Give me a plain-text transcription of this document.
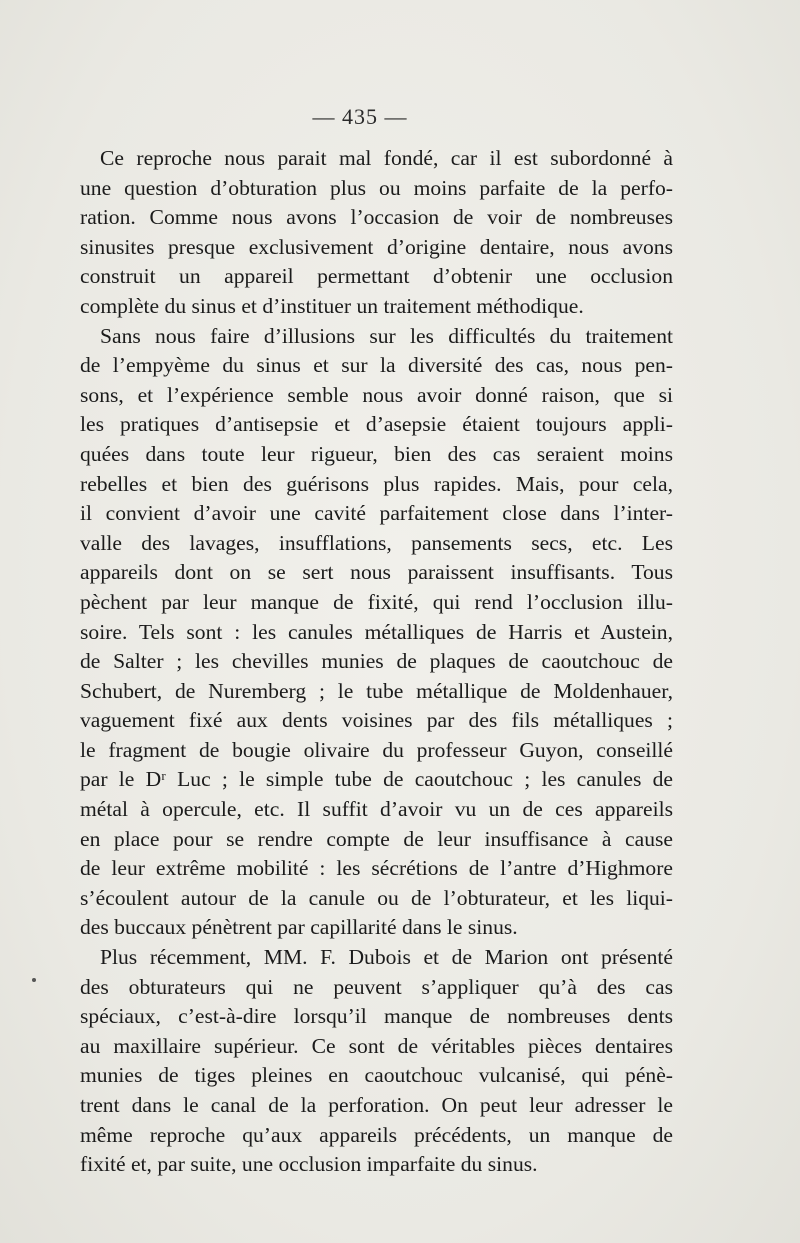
— 435 —

Ce reproche nous parait mal fondé, car il est subordonné à
une question d’obturation plus ou moins parfaite de la perfo-
ration. Comme nous avons l’occasion de voir de nombreuses
sinusites presque exclusivement d’origine dentaire, nous avons
construit un appareil permettant d’obtenir une occlusion
complète du sinus et d’instituer un traitement méthodique.

Sans nous faire d’illusions sur les difficultés du traitement
de l’empyème du sinus et sur la diversité des cas, nous pen-
sons, et l’expérience semble nous avoir donné raison, que si
les pratiques d’antisepsie et d’asepsie étaient toujours appli-
quées dans toute leur rigueur, bien des cas seraient moins
rebelles et bien des guérisons plus rapides. Mais, pour cela,
il convient d’avoir une cavité parfaitement close dans l’inter-
valle des lavages, insufflations, pansements secs, etc. Les
appareils dont on se sert nous paraissent insuffisants. Tous
pèchent par leur manque de fixité, qui rend l’occlusion illu-
soire. Tels sont : les canules métalliques de Harris et Austein,
de Salter ; les chevilles munies de plaques de caoutchouc de
Schubert, de Nuremberg ; le tube métallique de Moldenhauer,
vaguement fixé aux dents voisines par des fils métalliques ;
le fragment de bougie olivaire du professeur Guyon, conseillé
par le Dʳ Luc ; le simple tube de caoutchouc ; les canules de
métal à opercule, etc. Il suffit d’avoir vu un de ces appareils
en place pour se rendre compte de leur insuffisance à cause
de leur extrême mobilité : les sécrétions de l’antre d’Highmore
s’écoulent autour de la canule ou de l’obturateur, et les liqui-
des buccaux pénètrent par capillarité dans le sinus.

Plus récemment, MM. F. Dubois et de Marion ont présenté
des obturateurs qui ne peuvent s’appliquer qu’à des cas
spéciaux, c’est-à-dire lorsqu’il manque de nombreuses dents
au maxillaire supérieur. Ce sont de véritables pièces dentaires
munies de tiges pleines en caoutchouc vulcanisé, qui pénè-
trent dans le canal de la perforation. On peut leur adresser le
même reproche qu’aux appareils précédents, un manque de
fixité et, par suite, une occlusion imparfaite du sinus.
